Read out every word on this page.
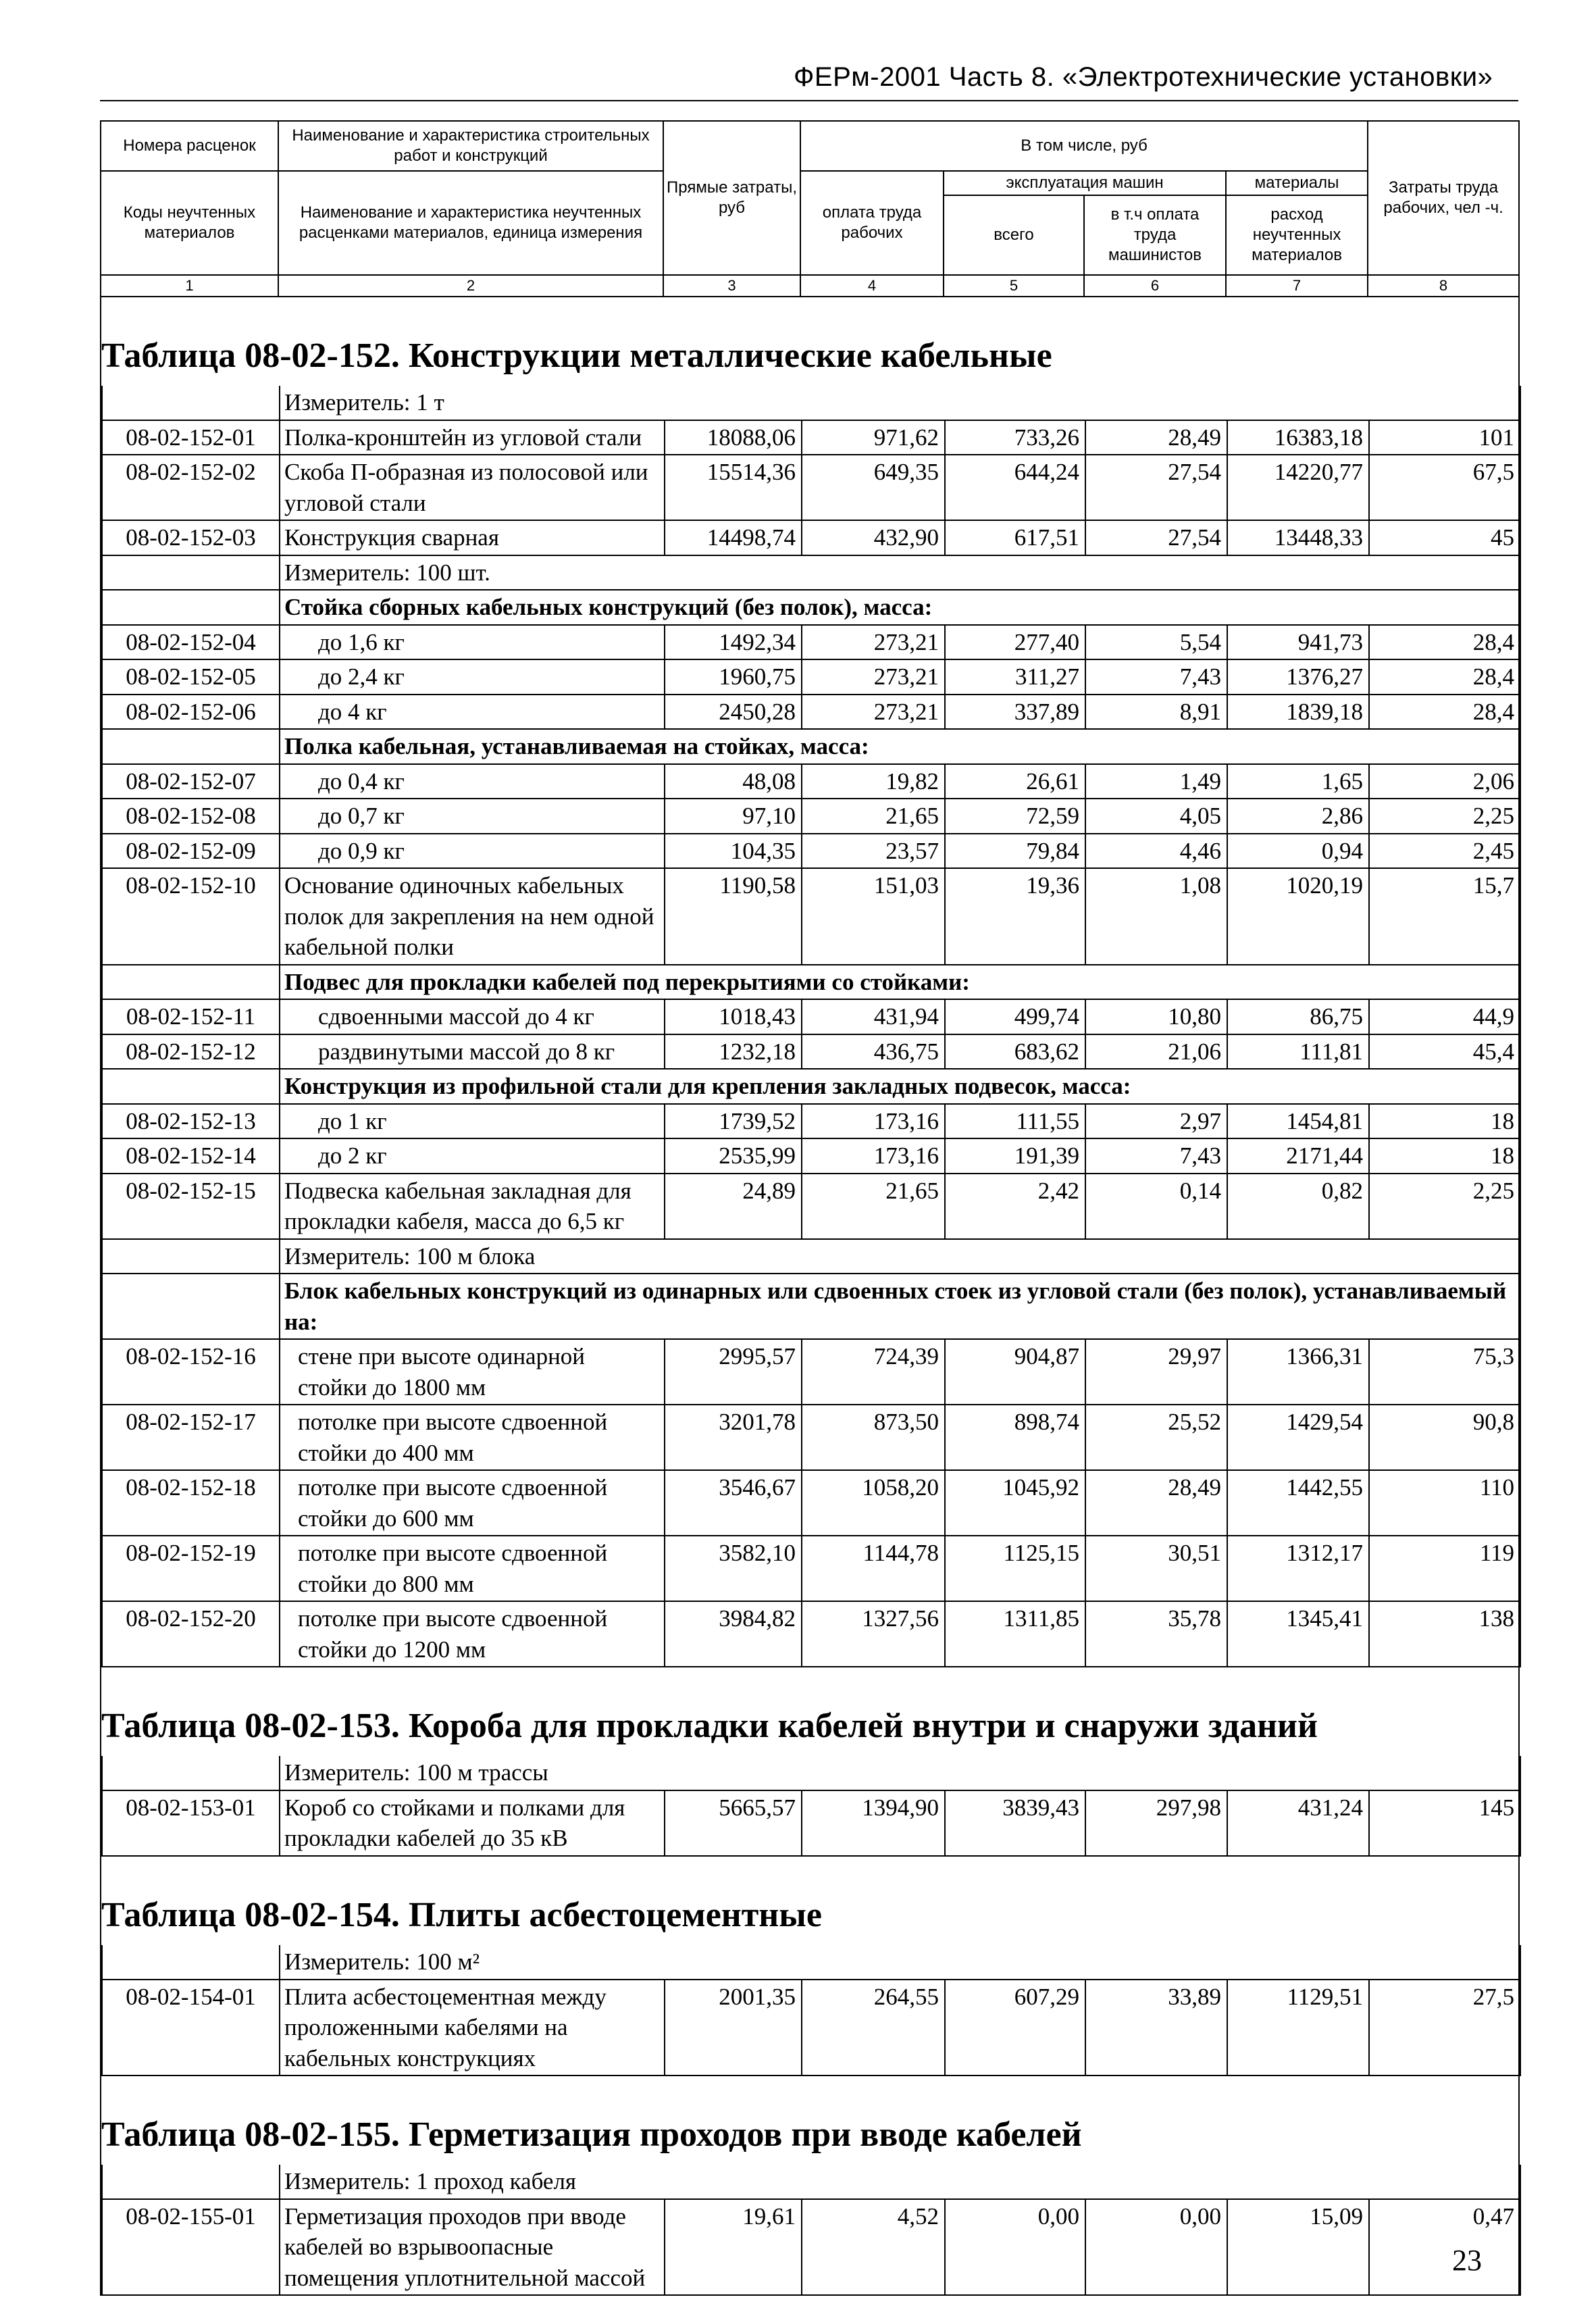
ФЕРм-2001 Часть 8. «Электротехнические установки»
Номера расценок	Наименование и характеристика строительных работ и конструкций	Прямые затраты, руб	В том числе, руб				Затраты труда рабочих, чел -ч.
Коды неучтенных материалов	Наименование и характеристика неучтенных расценками материалов, единица измерения		оплата труда рабочих	эксплуатация машин		материалы	
				всего	в т.ч оплата труда машинистов	расход неучтенных материалов	
1	2	3	4	5	6	7	8
Таблица 08-02-152. Конструкции металлические кабельные
	Измеритель: 1 т						
08-02-152-01	Полка-кронштейн из угловой стали	18088,06	971,62	733,26	28,49	16383,18	101
08-02-152-02	Скоба П-образная из полосовой или угловой стали	15514,36	649,35	644,24	27,54	14220,77	67,5
08-02-152-03	Конструкция сварная	14498,74	432,90	617,51	27,54	13448,33	45
	Измеритель: 100 шт.						
	Стойка сборных кабельных конструкций (без полок), масса:						
08-02-152-04	до 1,6 кг	1492,34	273,21	277,40	5,54	941,73	28,4
08-02-152-05	до 2,4 кг	1960,75	273,21	311,27	7,43	1376,27	28,4
08-02-152-06	до 4 кг	2450,28	273,21	337,89	8,91	1839,18	28,4
	Полка кабельная, устанавливаемая на стойках, масса:						
08-02-152-07	до 0,4 кг	48,08	19,82	26,61	1,49	1,65	2,06
08-02-152-08	до 0,7 кг	97,10	21,65	72,59	4,05	2,86	2,25
08-02-152-09	до 0,9 кг	104,35	23,57	79,84	4,46	0,94	2,45
08-02-152-10	Основание одиночных кабельных полок для закрепления на нем одной кабельной полки	1190,58	151,03	19,36	1,08	1020,19	15,7
	Подвес для прокладки кабелей под перекрытиями со стойками:						
08-02-152-11	сдвоенными массой до 4 кг	1018,43	431,94	499,74	10,80	86,75	44,9
08-02-152-12	раздвинутыми массой до 8 кг	1232,18	436,75	683,62	21,06	111,81	45,4
	Конструкция из профильной стали для крепления закладных подвесок, масса:						
08-02-152-13	до 1 кг	1739,52	173,16	111,55	2,97	1454,81	18
08-02-152-14	до 2 кг	2535,99	173,16	191,39	7,43	2171,44	18
08-02-152-15	Подвеска кабельная закладная для прокладки кабеля, масса до 6,5 кг	24,89	21,65	2,42	0,14	0,82	2,25
	Измеритель: 100 м блока						
	Блок кабельных конструкций из одинарных или сдвоенных стоек из угловой стали (без полок), устанавливаемый на:						
08-02-152-16	стене при высоте одинарной стойки до 1800 мм	2995,57	724,39	904,87	29,97	1366,31	75,3
08-02-152-17	потолке при высоте сдвоенной стойки до 400 мм	3201,78	873,50	898,74	25,52	1429,54	90,8
08-02-152-18	потолке при высоте сдвоенной стойки до 600 мм	3546,67	1058,20	1045,92	28,49	1442,55	110
08-02-152-19	потолке при высоте сдвоенной стойки до 800 мм	3582,10	1144,78	1125,15	30,51	1312,17	119
08-02-152-20	потолке при высоте сдвоенной стойки до 1200 мм	3984,82	1327,56	1311,85	35,78	1345,41	138
Таблица 08-02-153. Короба для прокладки кабелей внутри и снаружи зданий
	Измеритель: 100 м трассы						
08-02-153-01	Короб со стойками и полками для прокладки кабелей до 35 кВ	5665,57	1394,90	3839,43	297,98	431,24	145
Таблица 08-02-154. Плиты асбестоцементные
	Измеритель: 100 м²						
08-02-154-01	Плита асбестоцементная между проложенными кабелями на кабельных конструкциях	2001,35	264,55	607,29	33,89	1129,51	27,5
Таблица 08-02-155. Герметизация проходов при вводе кабелей
	Измеритель: 1 проход кабеля						
08-02-155-01	Герметизация проходов при вводе кабелей во взрывоопасные помещения уплотнительной массой	19,61	4,52	0,00	0,00	15,09	0,47
23
